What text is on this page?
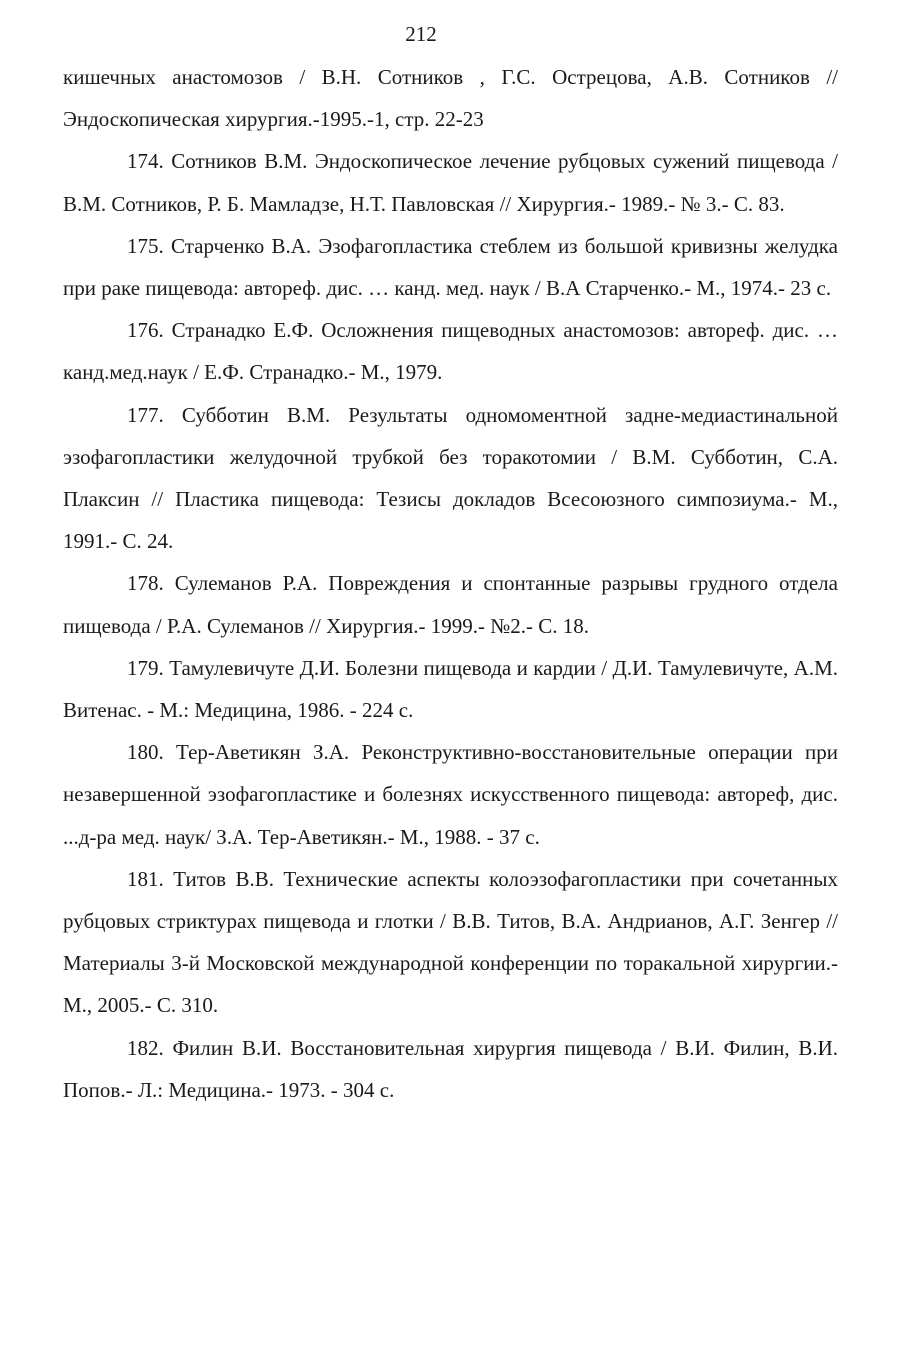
212

кишечных анастомозов / В.Н. Сотников , Г.С. Острецова, А.В. Сотников // Эндоскопическая хирургия.-1995.-1, стр. 22-23

174. Сотников В.М. Эндоскопическое лечение рубцовых сужений пищевода / В.М. Сотников, Р. Б. Мамладзе, Н.Т. Павловская // Хирургия.- 1989.- № 3.- С. 83.

175. Старченко В.А. Эзофагопластика стеблем из большой кривизны желудка при раке пищевода: автореф. дис. … канд. мед. наук / В.А Старченко.- М., 1974.- 23 с.

176. Странадко Е.Ф. Осложнения пищеводных анастомозов: автореф. дис. … канд.мед.наук / Е.Ф. Странадко.- М., 1979.

177. Субботин В.М. Результаты одномоментной задне-медиастинальной эзофагопластики желудочной трубкой без торакотомии / В.М. Субботин, С.А. Плаксин // Пластика пищевода: Тезисы докладов Всесоюзного симпозиума.- М., 1991.- С. 24.

178. Сулеманов Р.А. Повреждения и спонтанные разрывы грудного отдела пищевода / Р.А. Сулеманов // Хирургия.- 1999.- №2.- С. 18.

179. Тамулевичуте Д.И. Болезни пищевода и кардии / Д.И. Тамулевичуте, А.М. Витенас. - М.: Медицина, 1986. - 224 с.

180. Тер-Аветикян З.А. Реконструктивно-восстановительные операции при незавершенной эзофагопластике и болезнях искусственного пищевода: автореф, дис. ...д-ра мед. наук/ З.А. Тер-Аветикян.- М., 1988. - 37 с.

181. Титов В.В. Технические аспекты колоэзофагопластики при сочетанных рубцовых стриктурах пищевода и глотки / В.В. Титов, В.А. Андрианов, А.Г. Зенгер // Материалы 3-й Московской международной конференции по торакальной хирургии.- М., 2005.- С. 310.

182. Филин В.И. Восстановительная хирургия пищевода / В.И. Филин, В.И. Попов.- Л.: Медицина.- 1973. - 304 с.
